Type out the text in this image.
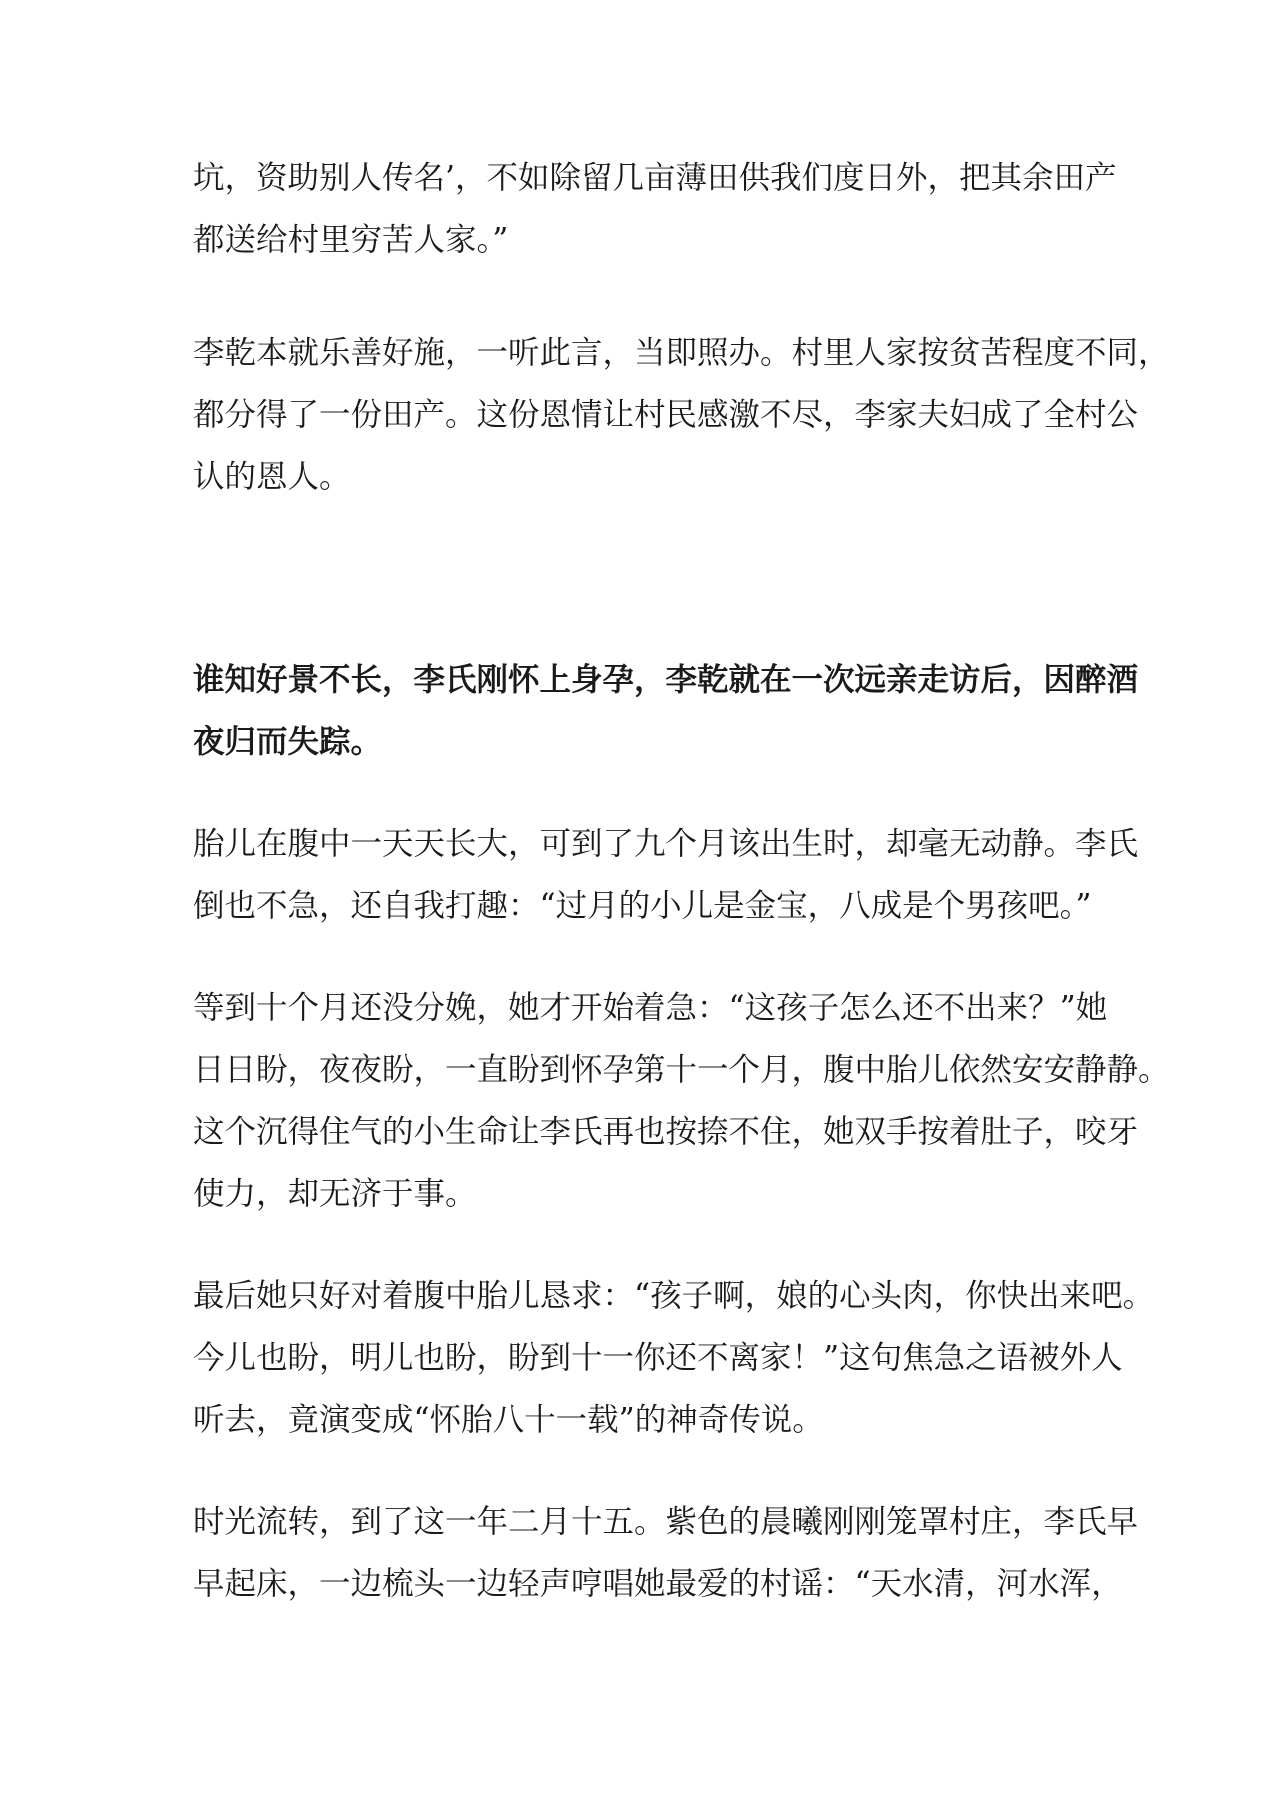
坑，资助别人传名’，不如除留几亩薄田供我们度日外，把其余田产
都送给村里穷苦人家。”

李乾本就乐善好施，一听此言，当即照办。村里人家按贫苦程度不同，
都分得了一份田产。这份恩情让村民感激不尽，李家夫妇成了全村公
认的恩人。

谁知好景不长，李氏刚怀上身孕，李乾就在一次远亲走访后，因醉酒
夜归而失踪。

胎儿在腹中一天天长大，可到了九个月该出生时，却毫无动静。李氏
倒也不急，还自我打趣：“过月的小儿是金宝，八成是个男孩吧。”

等到十个月还没分娩，她才开始着急：“这孩子怎么还不出来？”她
日日盼，夜夜盼，一直盼到怀孕第十一个月，腹中胎儿依然安安静静。
这个沉得住气的小生命让李氏再也按捺不住，她双手按着肚子，咬牙
使力，却无济于事。

最后她只好对着腹中胎儿恳求：“孩子啊，娘的心头肉，你快出来吧。
今儿也盼，明儿也盼，盼到十一你还不离家！”这句焦急之语被外人
听去，竟演变成“怀胎八十一载”的神奇传说。

时光流转，到了这一年二月十五。紫色的晨曦刚刚笼罩村庄，李氏早
早起床，一边梳头一边轻声哼唱她最爱的村谣：“天水清，河水浑，
